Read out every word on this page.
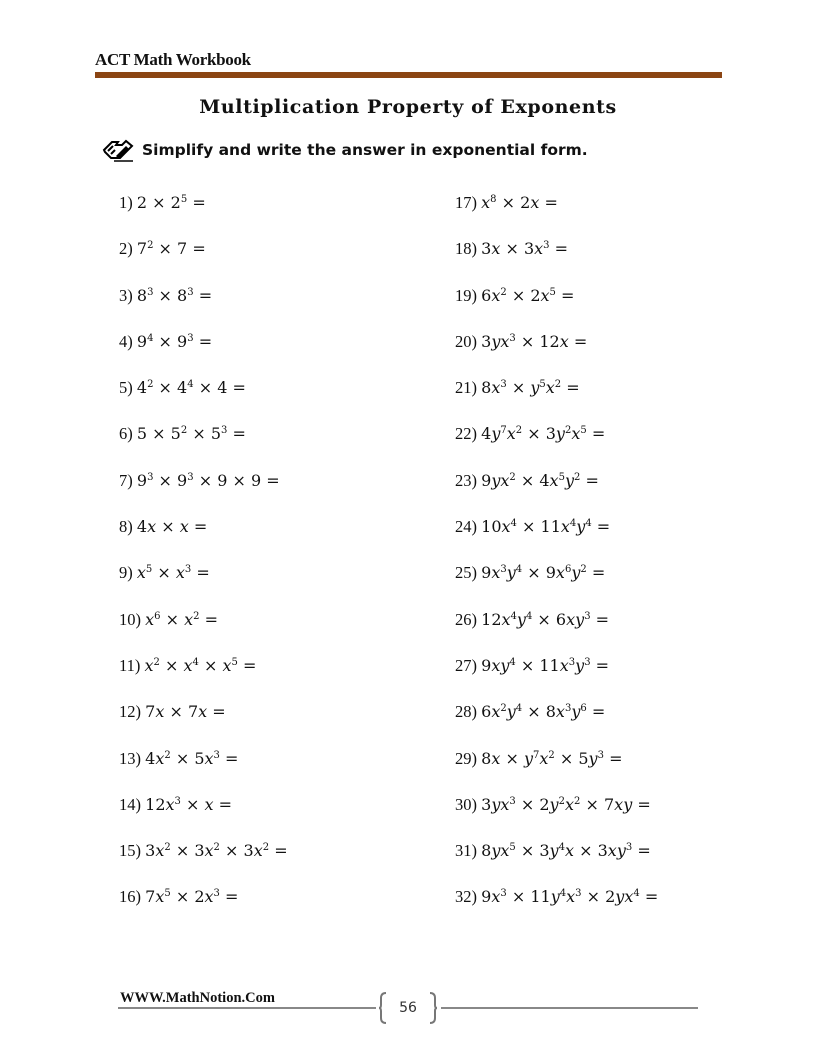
ACT Math Workbook
Multiplication Property of Exponents
Simplify and write the answer in exponential form.
1) $2 \times 2^5$ =
2) $7^2 \times 7$ =
3) $8^3 \times 8^3$ =
4) $9^4 \times 9^3$ =
5) $4^2 \times 4^4 \times 4$ =
6) $5 \times 5^2 \times 5^3$ =
7) $9^3 \times 9^3 \times 9 \times 9$ =
8) 4x × x =
9) $x^5 \times x^3$ =
10) $x^6 \times x^2$ =
11) $x^2 \times x^4 \times x^5$ =
12) 7x × 7x =
13) $4x^2 \times 5x^3$ =
14) $12x^3 \times x$ =
15) $3x^2 \times 3x^2 \times 3x^2$ =
16) $7x^5 \times 2x^3$ =
17) $x^8 \times 2x$ =
18) $3x \times 3x^3$ =
19) $6x^2 \times 2x^5$ =
20) $3yx^3 \times 12x$ =
21) $8x^3 \times y^5x^2$ =
22) $4y^7x^2 \times 3y^2x^5$ =
23) $9yx^2 \times 4x^5y^2$ =
24) $10x^4 \times 11x^4y^4$ =
25) $9x^3y^4 \times 9x^6y^2$ =
26) $12x^4y^4 \times 6xy^3$ =
27) $9xy^4 \times 11x^3y^3$ =
28) $6x^2y^4 \times 8x^3y^6$ =
29) $8x \times y^7x^2 \times 5y^3$ =
30) $3yx^3 \times 2y^2x^2 \times 7xy$ =
31) $8yx^5 \times 3y^4x \times 3xy^3$ =
32) $9x^3 \times 11y^4x^3 \times 2yx^4$ =
WWW.MathNotion.Com
56
